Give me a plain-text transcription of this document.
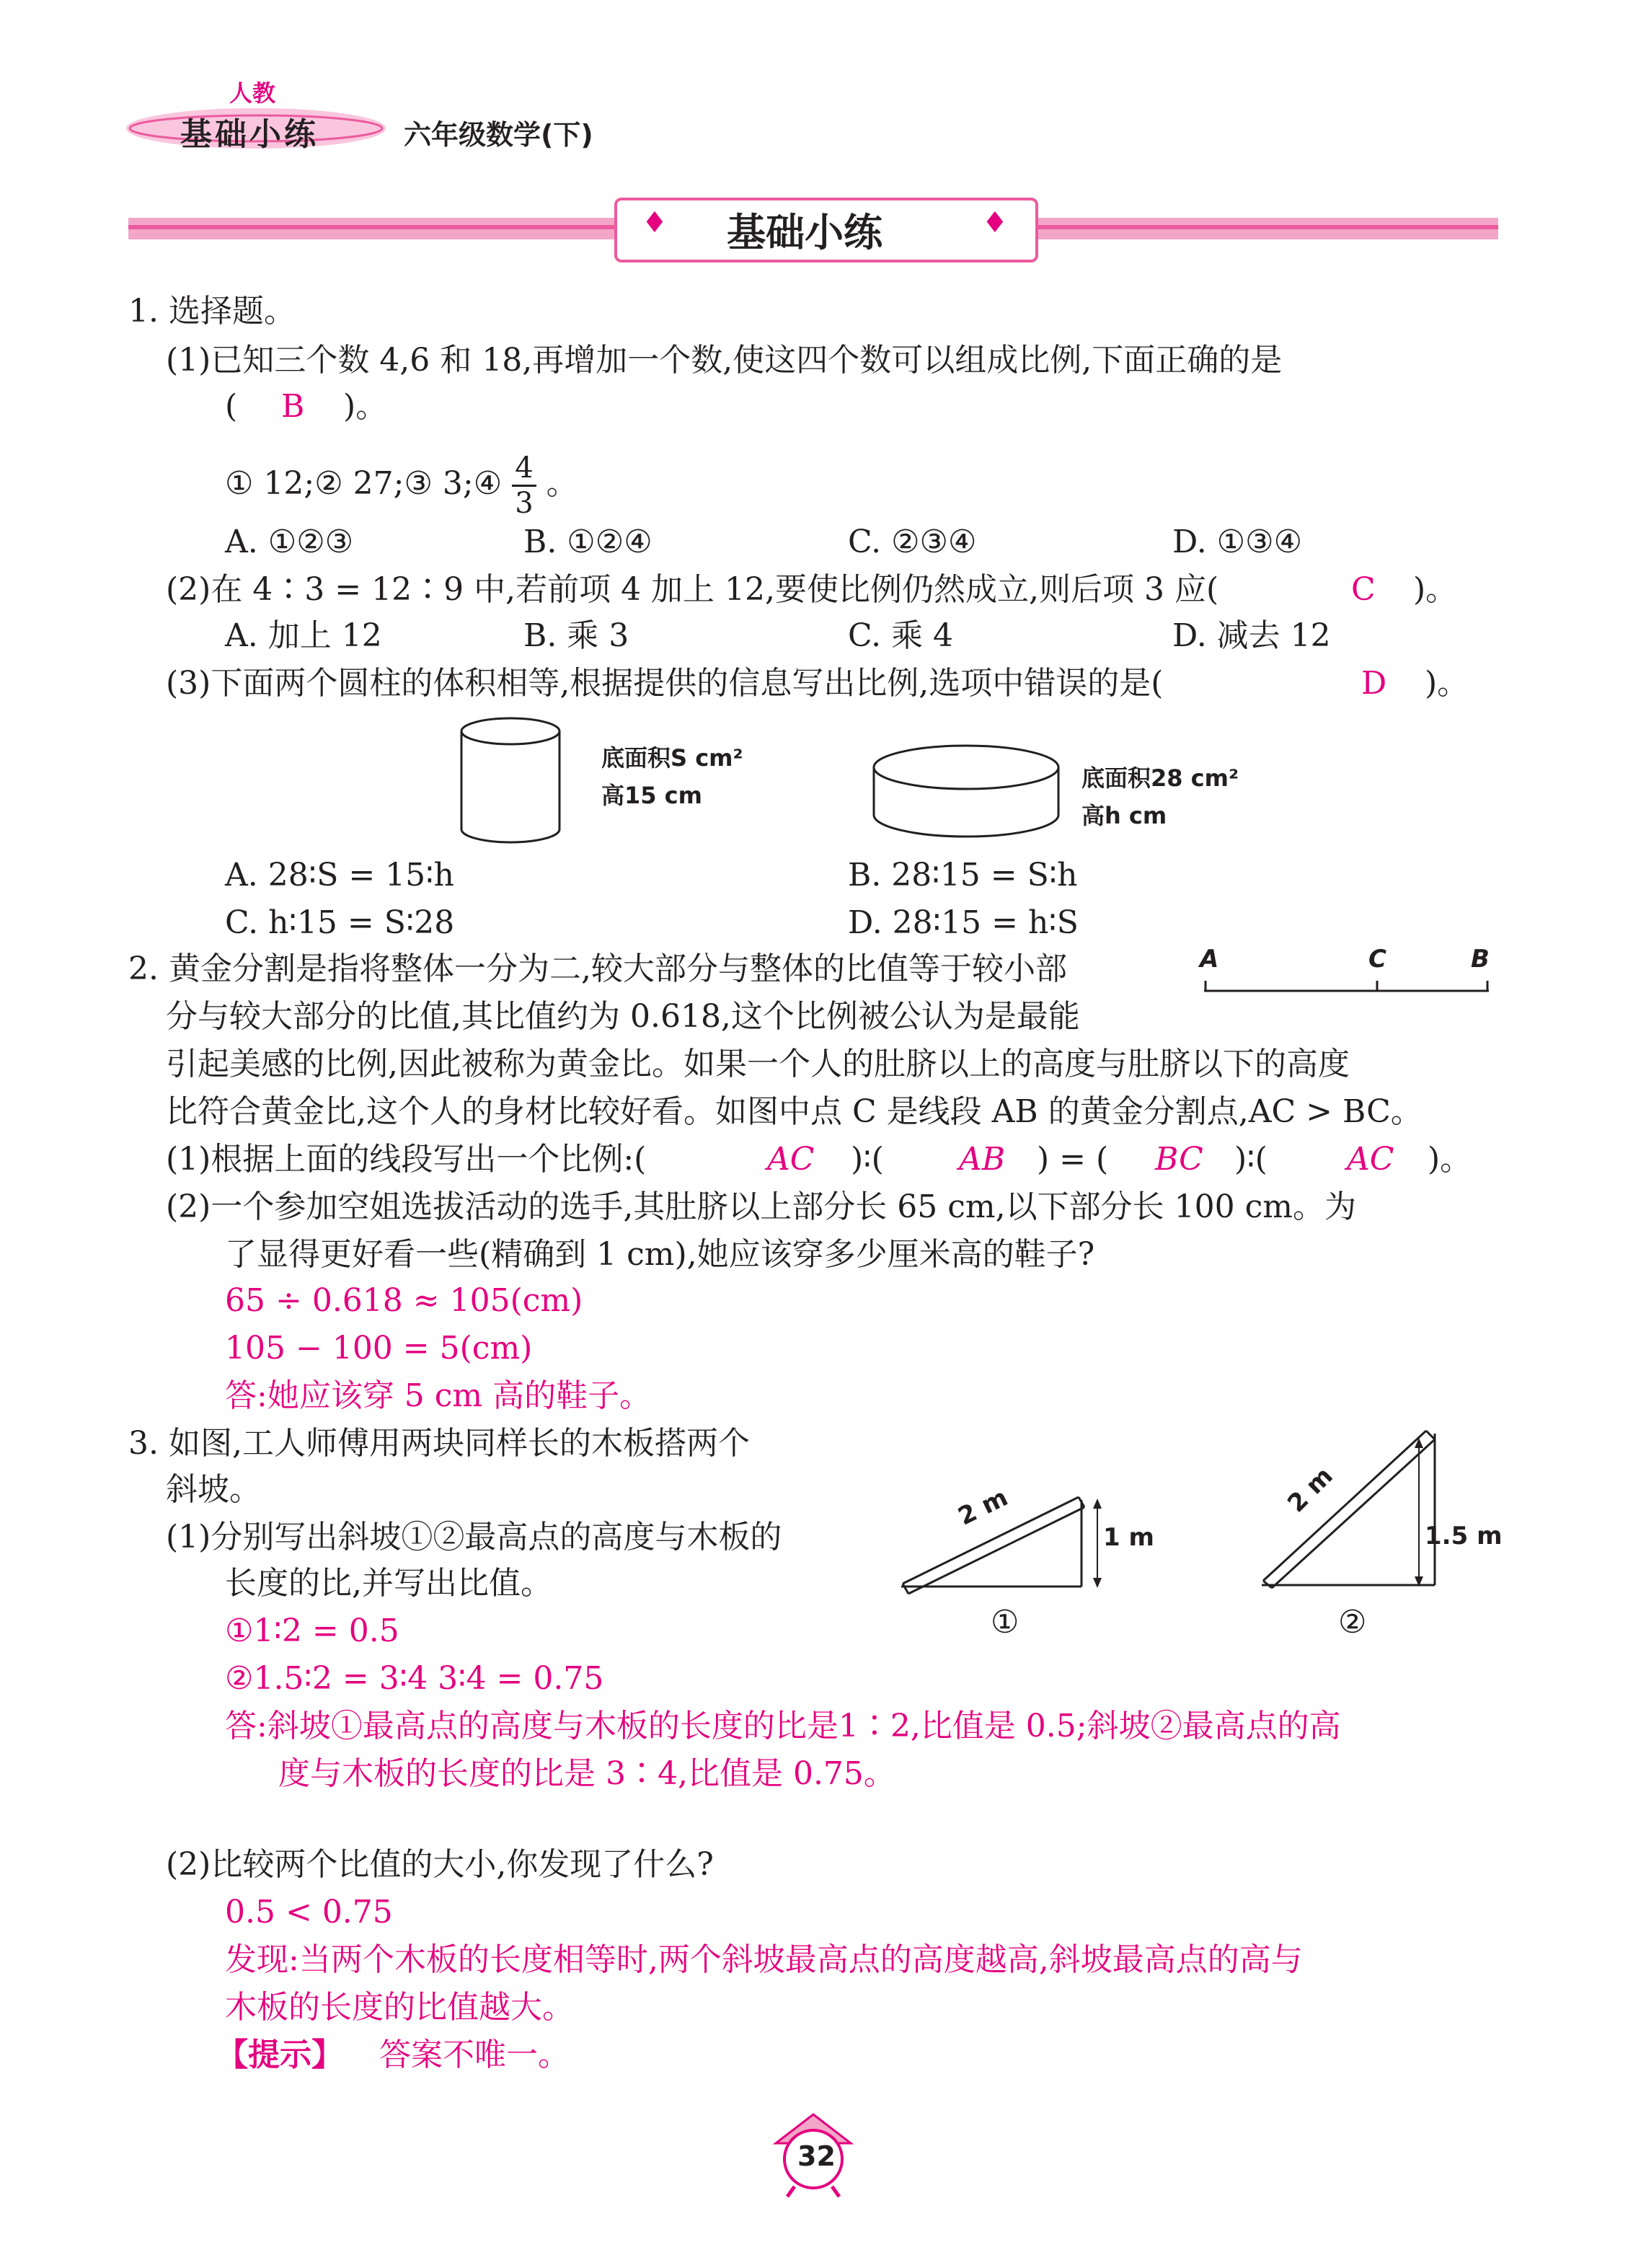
人教
基础小练	六年级数学(下)
♦	♦
基础小练
1. 选择题。
(1)已知三个数 4,6 和 18,再增加一个数,使这四个数可以组成比例,下面正确的是
( B )。
① 12;② 27;③ 3;④ $\frac{4}{3}$ 。
A. ①②③	B. ①②④	C. ②③④	D. ①③④
(2)在 4∶3 = 12∶9 中,若前项 4 加上 12,要使比例仍然成立,则后项 3 应(	C )。
A. 加上 12	B. 乘 3	C. 乘 4	D. 减去 12
(3)下面两个圆柱的体积相等,根据提供的信息写出比例,选项中错误的是(	D )。
底面积S cm²
高15 cm
底面积28 cm²
高h cm
A. 28∶S = 15∶h	B. 28∶15 = S∶h
C. h∶15 = S∶28	D. 28∶15 = h∶S
2. 黄金分割是指将整体一分为二,较大部分与整体的比值等于较小部
分与较大部分的比值,其比值约为 0.618,这个比例被公认为是最能
引起美感的比例,因此被称为黄金比。如果一个人的肚脐以上的高度与肚脐以下的高度
比符合黄金比,这个人的身材比较好看。如图中点 C 是线段 AB 的黄金分割点,AC > BC。
A	C	B
(1)根据上面的线段写出一个比例:(	AC )∶( AB ) = ( BC )∶(	AC )。
(2)一个参加空姐选拔活动的选手,其肚脐以上部分长 65 cm,以下部分长 100 cm。为
了显得更好看一些(精确到 1 cm),她应该穿多少厘米高的鞋子?
65 ÷ 0.618 ≈ 105(cm)
105 − 100 = 5(cm)
答:她应该穿 5 cm 高的鞋子。
3. 如图,工人师傅用两块同样长的木板搭两个
斜坡。
(1)分别写出斜坡①②最高点的高度与木板的
长度的比,并写出比值。
2 m
1 m
①
2 m
1.5 m
②
①1∶2 = 0.5
②1.5∶2 = 3∶4 3∶4 = 0.75
答:斜坡①最高点的高度与木板的长度的比是1∶2,比值是 0.5;斜坡②最高点的高
度与木板的长度的比是 3∶4,比值是 0.75。
(2)比较两个比值的大小,你发现了什么?
0.5 < 0.75
发现:当两个木板的长度相等时,两个斜坡最高点的高度越高,斜坡最高点的高与
木板的长度的比值越大。
【提示】 答案不唯一。
32
